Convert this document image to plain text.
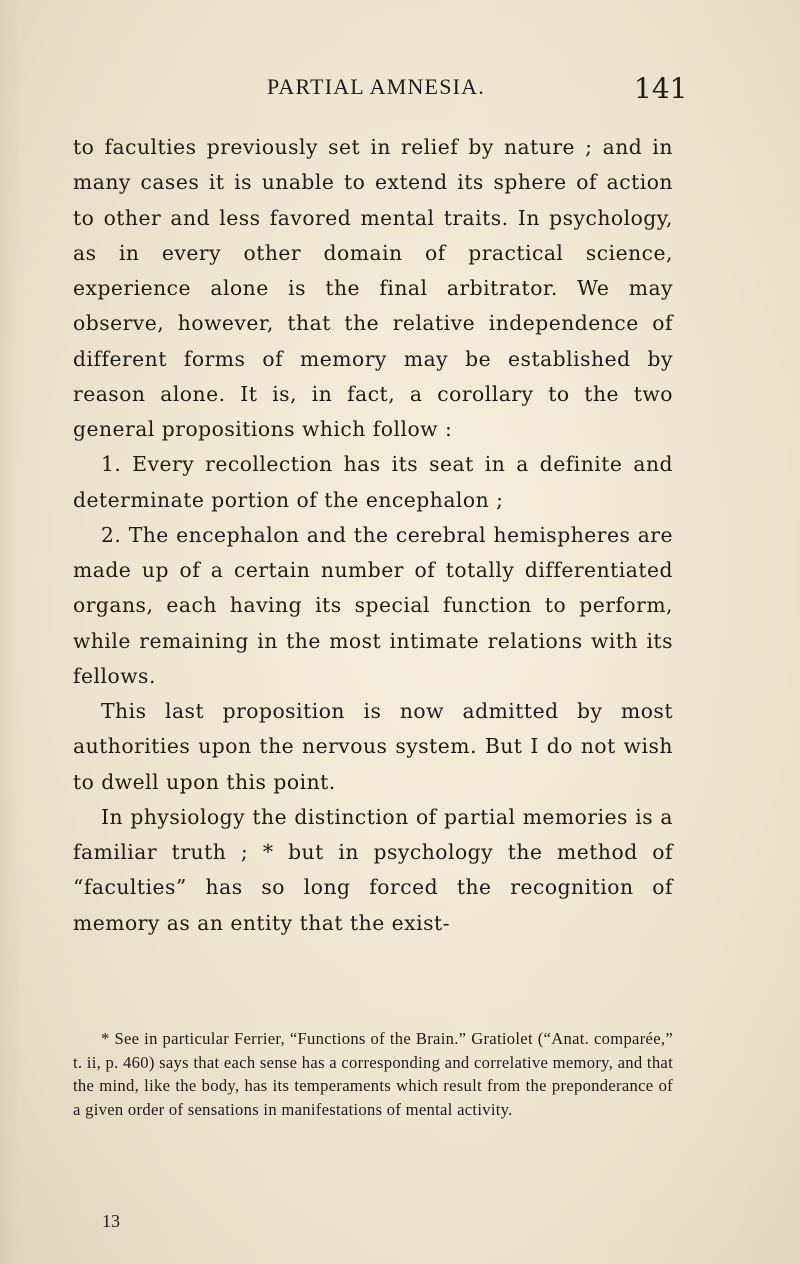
PARTIAL AMNESIA.	141

to faculties previously set in relief by nature ; and in many cases it is unable to extend its sphere of action to other and less favored mental traits. In psychology, as in every other domain of practical science, experience alone is the final arbitrator. We may observe, however, that the relative independence of different forms of memory may be established by reason alone. It is, in fact, a corollary to the two general propositions which follow :

1. Every recollection has its seat in a definite and determinate portion of the encephalon ;

2. The encephalon and the cerebral hemispheres are made up of a certain number of totally differentiated organs, each having its special function to perform, while remaining in the most intimate relations with its fellows.

This last proposition is now admitted by most authorities upon the nervous system. But I do not wish to dwell upon this point.

In physiology the distinction of partial memories is a familiar truth ; * but in psychology the method of “faculties” has so long forced the recognition of memory as an entity that the exist-

* See in particular Ferrier, “Functions of the Brain.” Gratiolet (“Anat. comparée,” t. ii, p. 460) says that each sense has a corresponding and correlative memory, and that the mind, like the body, has its temperaments which result from the preponderance of a given order of sensations in manifestations of mental activity.

13
